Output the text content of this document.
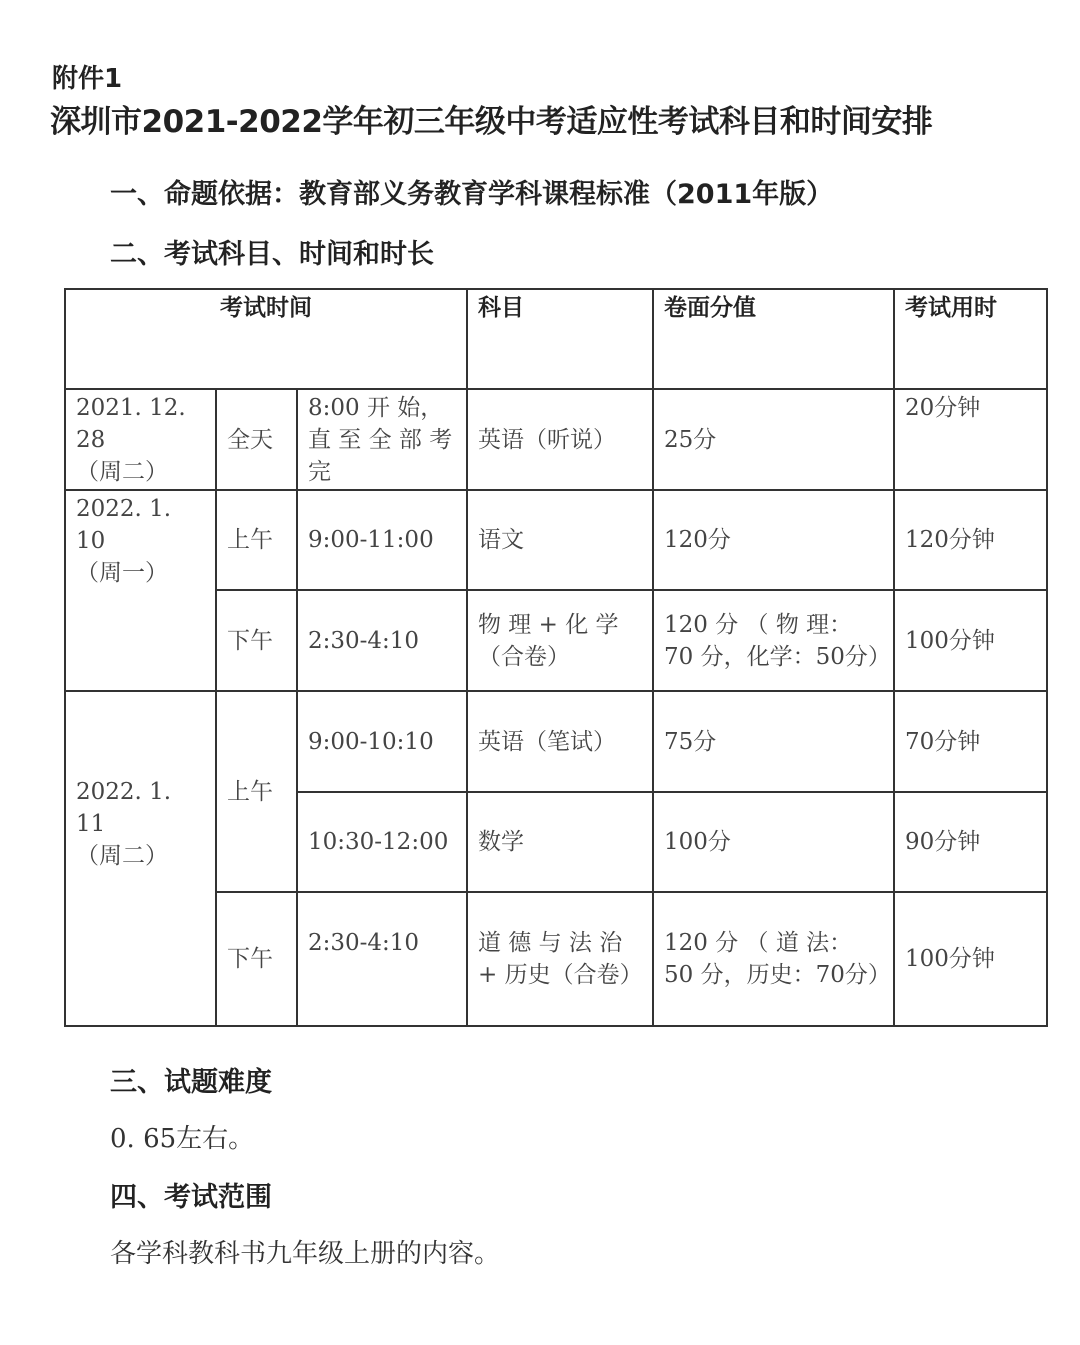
附件1
深圳市2021-2022学年初三年级中考适应性考试科目和时间安排
一、命题依据：教育部义务教育学科课程标准（2011年版）
二、考试科目、时间和时长
考试时间			科目	卷面分值	考试用时

2021. 12. 28
（周二）	全天	8:00 开 始，直 至 全 部 考完	英语（听说）	25分	20分钟

2022. 1. 10
（周一）	上午	9:00-11:00	语文	120分	120分钟
	下午	2:30-4:10	物 理 + 化 学（合卷）	120 分 （ 物 理： 70 分，化学：50分）	100分钟

2022. 1. 11
（周二）	上午	9:00-10:10	英语（笔试）	75分	70分钟
		10:30-12:00	数学	100分	90分钟
	下午	2:30-4:10	道 德 与 法 治 + 历史（合卷）	120 分 （ 道 法： 50 分，历史：70分）	100分钟
三、试题难度
0. 65左右。
四、考试范围
各学科教科书九年级上册的内容。
